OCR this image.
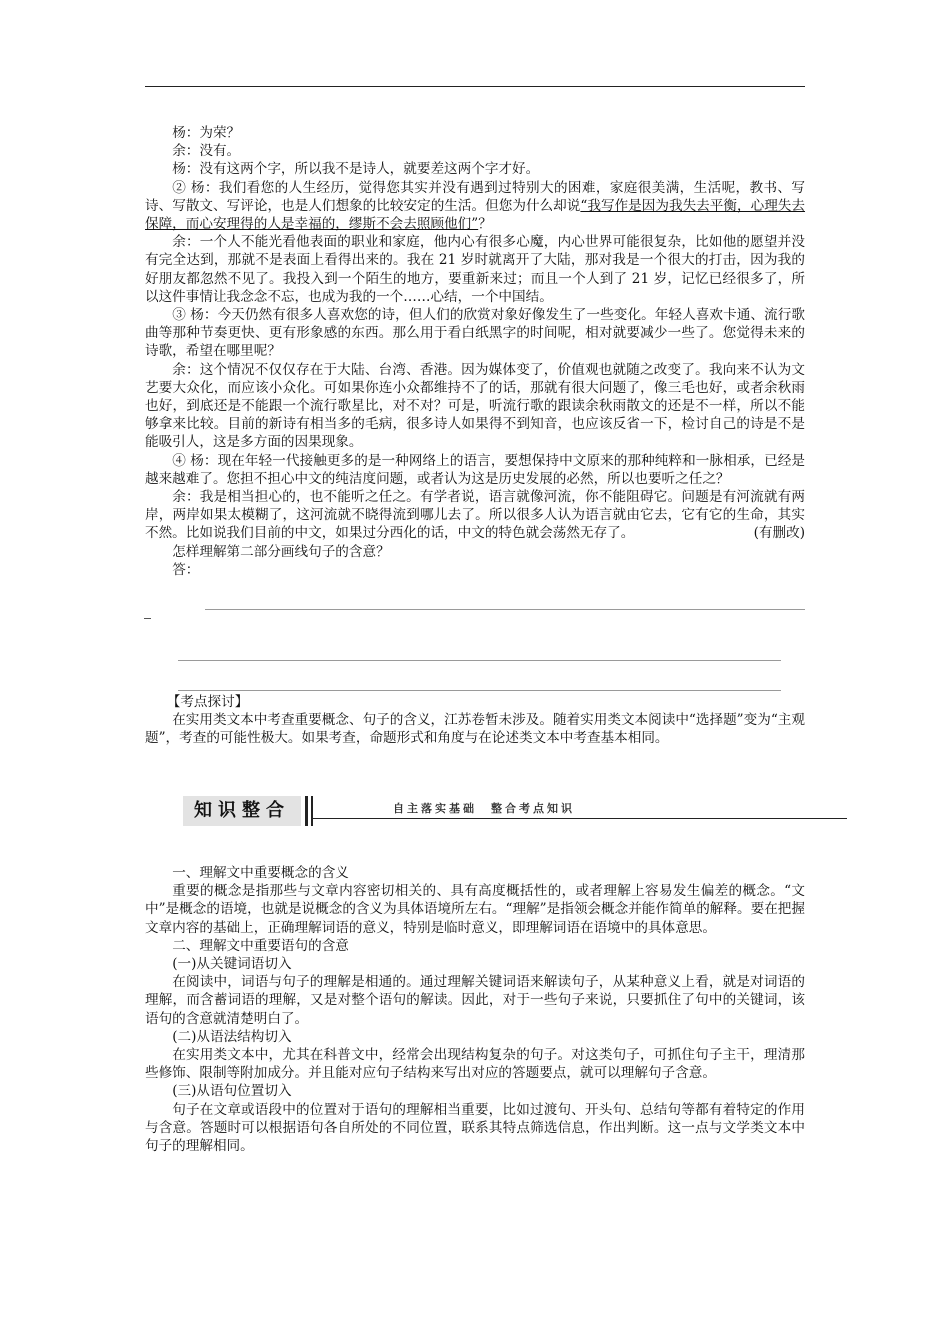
杨：为荣？

余：没有。

杨：没有这两个字，所以我不是诗人，就要差这两个字才好。

② 杨：我们看您的人生经历，觉得您其实并没有遇到过特别大的困难，家庭很美满，生活呢，教书、写诗、写散文、写评论，也是人们想象的比较安定的生活。但您为什么却说“我写作是因为我失去平衡，心理失去保障，而心安理得的人是幸福的，缪斯不会去照顾他们”？

余：一个人不能光看他表面的职业和家庭，他内心有很多心魔，内心世界可能很复杂，比如他的愿望并没有完全达到，那就不是表面上看得出来的。我在 21 岁时就离开了大陆，那对我是一个很大的打击，因为我的好朋友都忽然不见了。我投入到一个陌生的地方，要重新来过；而且一个人到了 21 岁，记忆已经很多了，所以这件事情让我念念不忘，也成为我的一个……心结，一个中国结。

③ 杨：今天仍然有很多人喜欢您的诗，但人们的欣赏对象好像发生了一些变化。年轻人喜欢卡通、流行歌曲等那种节奏更快、更有形象感的东西。那么用于看白纸黑字的时间呢，相对就要减少一些了。您觉得未来的诗歌，希望在哪里呢？

余：这个情况不仅仅存在于大陆、台湾、香港。因为媒体变了，价值观也就随之改变了。我向来不认为文艺要大众化，而应该小众化。可如果你连小众都维持不了的话，那就有很大问题了，像三毛也好，或者余秋雨也好，到底还是不能跟一个流行歌星比，对不对？可是，听流行歌的跟读余秋雨散文的还是不一样，所以不能够拿来比较。目前的新诗有相当多的毛病，很多诗人如果得不到知音，也应该反省一下，检讨自己的诗是不是能吸引人，这是多方面的因果现象。

④ 杨：现在年轻一代接触更多的是一种网络上的语言，要想保持中文原来的那种纯粹和一脉相承，已经是越来越难了。您担不担心中文的纯洁度问题，或者认为这是历史发展的必然，所以也要听之任之？

余：我是相当担心的，也不能听之任之。有学者说，语言就像河流，你不能阻碍它。问题是有河流就有两岸，两岸如果太模糊了，这河流就不晓得流到哪儿去了。所以很多人认为语言就由它去，它有它的生命，其实不然。比如说我们目前的中文，如果过分西化的话，中文的特色就会荡然无存了。	(有删改)

怎样理解第二部分画线句子的含意？

答：

【考点探讨】

在实用类文本中考查重要概念、句子的含义，江苏卷暂未涉及。随着实用类文本阅读中“选择题”变为“主观题”，考查的可能性极大。如果考查，命题形式和角度与在论述类文本中考查基本相同。

知识整合	自主落实基础　整合考点知识

一、理解文中重要概念的含义

重要的概念是指那些与文章内容密切相关的、具有高度概括性的，或者理解上容易发生偏差的概念。“文中”是概念的语境，也就是说概念的含义为具体语境所左右。“理解”是指领会概念并能作简单的解释。要在把握文章内容的基础上，正确理解词语的意义，特别是临时意义，即理解词语在语境中的具体意思。

二、理解文中重要语句的含意

(一)从关键词语切入

在阅读中，词语与句子的理解是相通的。通过理解关键词语来解读句子，从某种意义上看，就是对词语的理解，而含蓄词语的理解，又是对整个语句的解读。因此，对于一些句子来说，只要抓住了句中的关键词，该语句的含意就清楚明白了。

(二)从语法结构切入

在实用类文本中，尤其在科普文中，经常会出现结构复杂的句子。对这类句子，可抓住句子主干，理清那些修饰、限制等附加成分。并且能对应句子结构来写出对应的答题要点，就可以理解句子含意。

(三)从语句位置切入

句子在文章或语段中的位置对于语句的理解相当重要，比如过渡句、开头句、总结句等都有着特定的作用与含意。答题时可以根据语句各自所处的不同位置，联系其特点筛选信息，作出判断。这一点与文学类文本中句子的理解相同。
